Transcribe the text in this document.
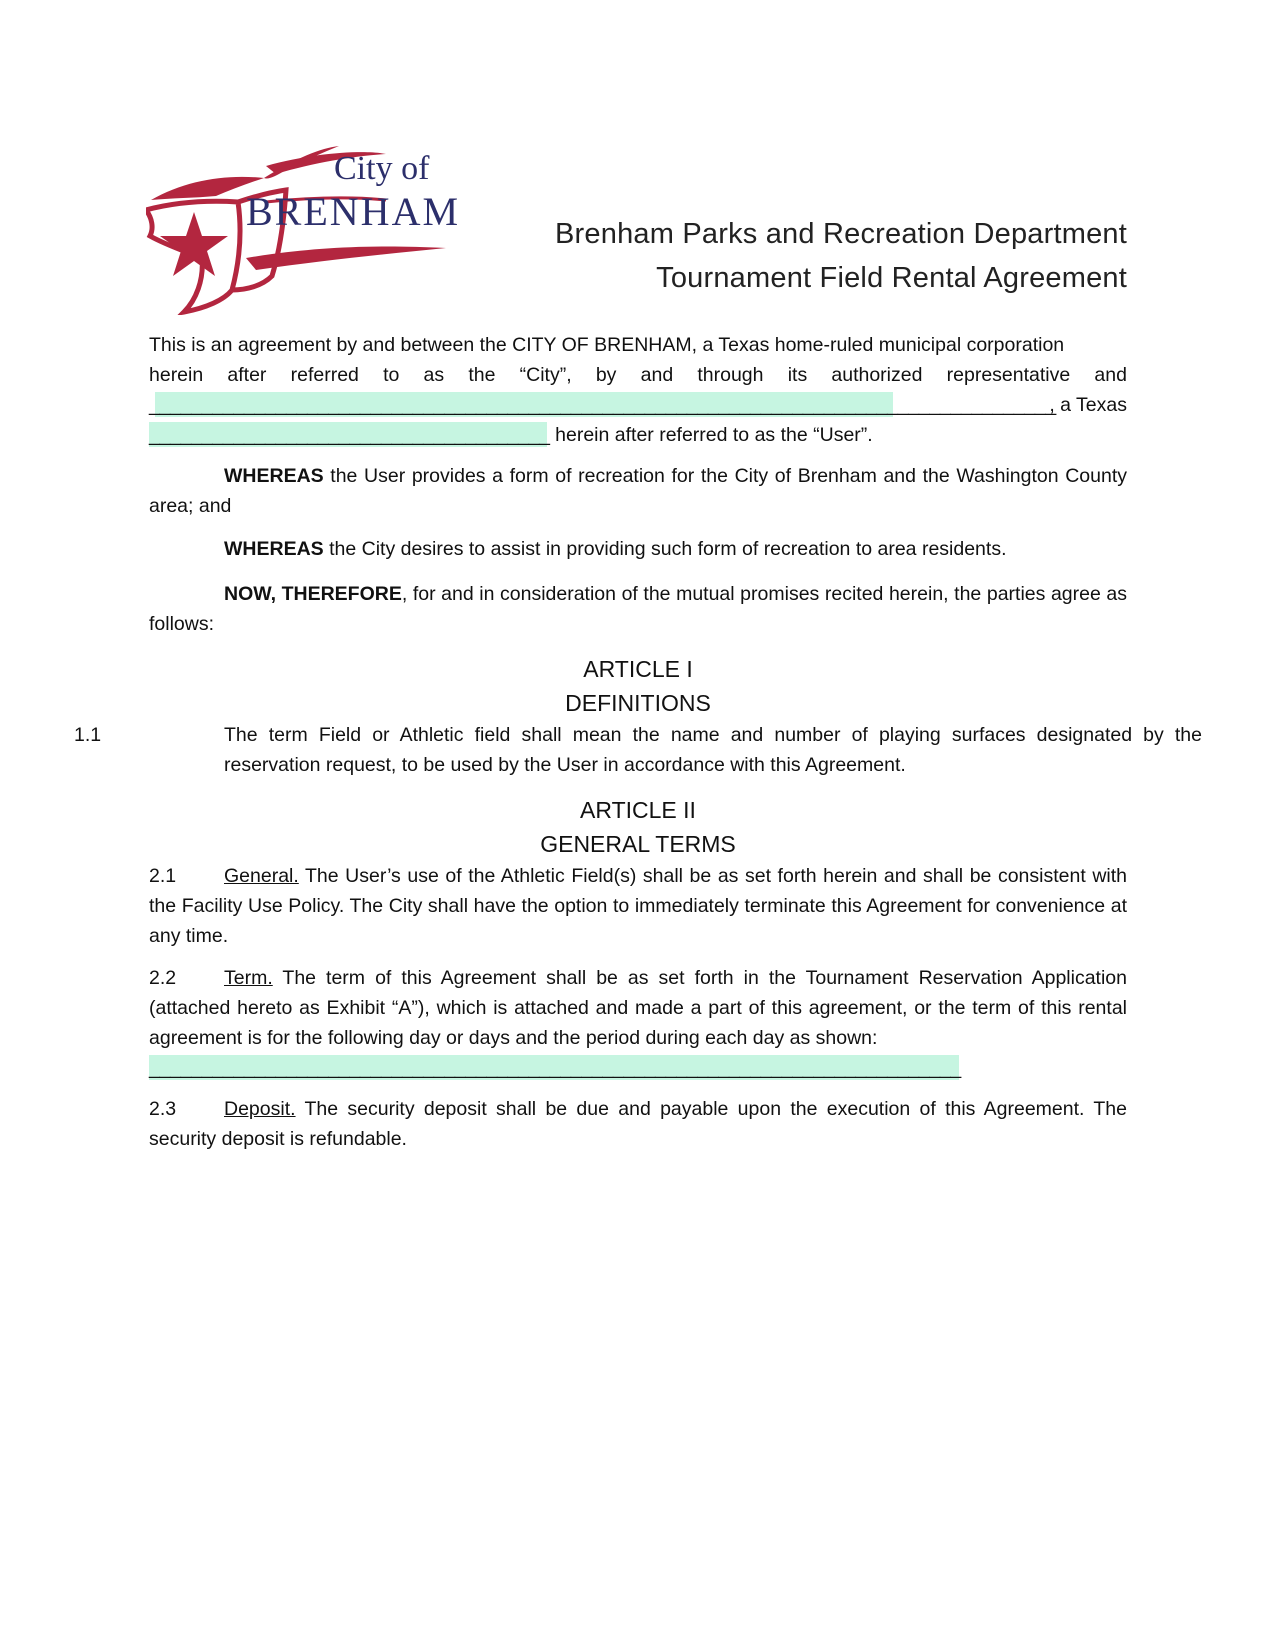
City of
BRENHAM	Brenham Parks and Recreation Department
Tournament Field Rental Agreement
This is an agreement by and between the CITY OF BRENHAM, a Texas home-ruled municipal corporation
herein after referred to as the “City”, by and through its authorized representative and
______________________________________________________________________________________
, a Texas
______________________________________ herein after referred to as the “User”.
WHEREAS the User provides a form of recreation for the City of Brenham and the Washington County area; and
WHEREAS the City desires to assist in providing such form of recreation to area residents.
NOW, THEREFORE, for and in consideration of the mutual promises recited herein, the parties agree as follows:
ARTICLE I
DEFINITIONS
1.1	The term Field or Athletic field shall mean the name and number of playing surfaces designated by the reservation request, to be used by the User in accordance with this Agreement.
ARTICLE II
GENERAL TERMS
2.1 General. The User’s use of the Athletic Field(s) shall be as set forth herein and shall be consistent with the Facility Use Policy. The City shall have the option to immediately terminate this Agreement for convenience at any time.
2.2 Term. The term of this Agreement shall be as set forth in the Tournament Reservation Application (attached hereto as Exhibit “A”), which is attached and made a part of this agreement, or the term of this rental agreement is for the following day or days and the period during each day as shown:
_____________________________________________________________________________
2.3 Deposit. The security deposit shall be due and payable upon the execution of this Agreement. The security deposit is refundable.
